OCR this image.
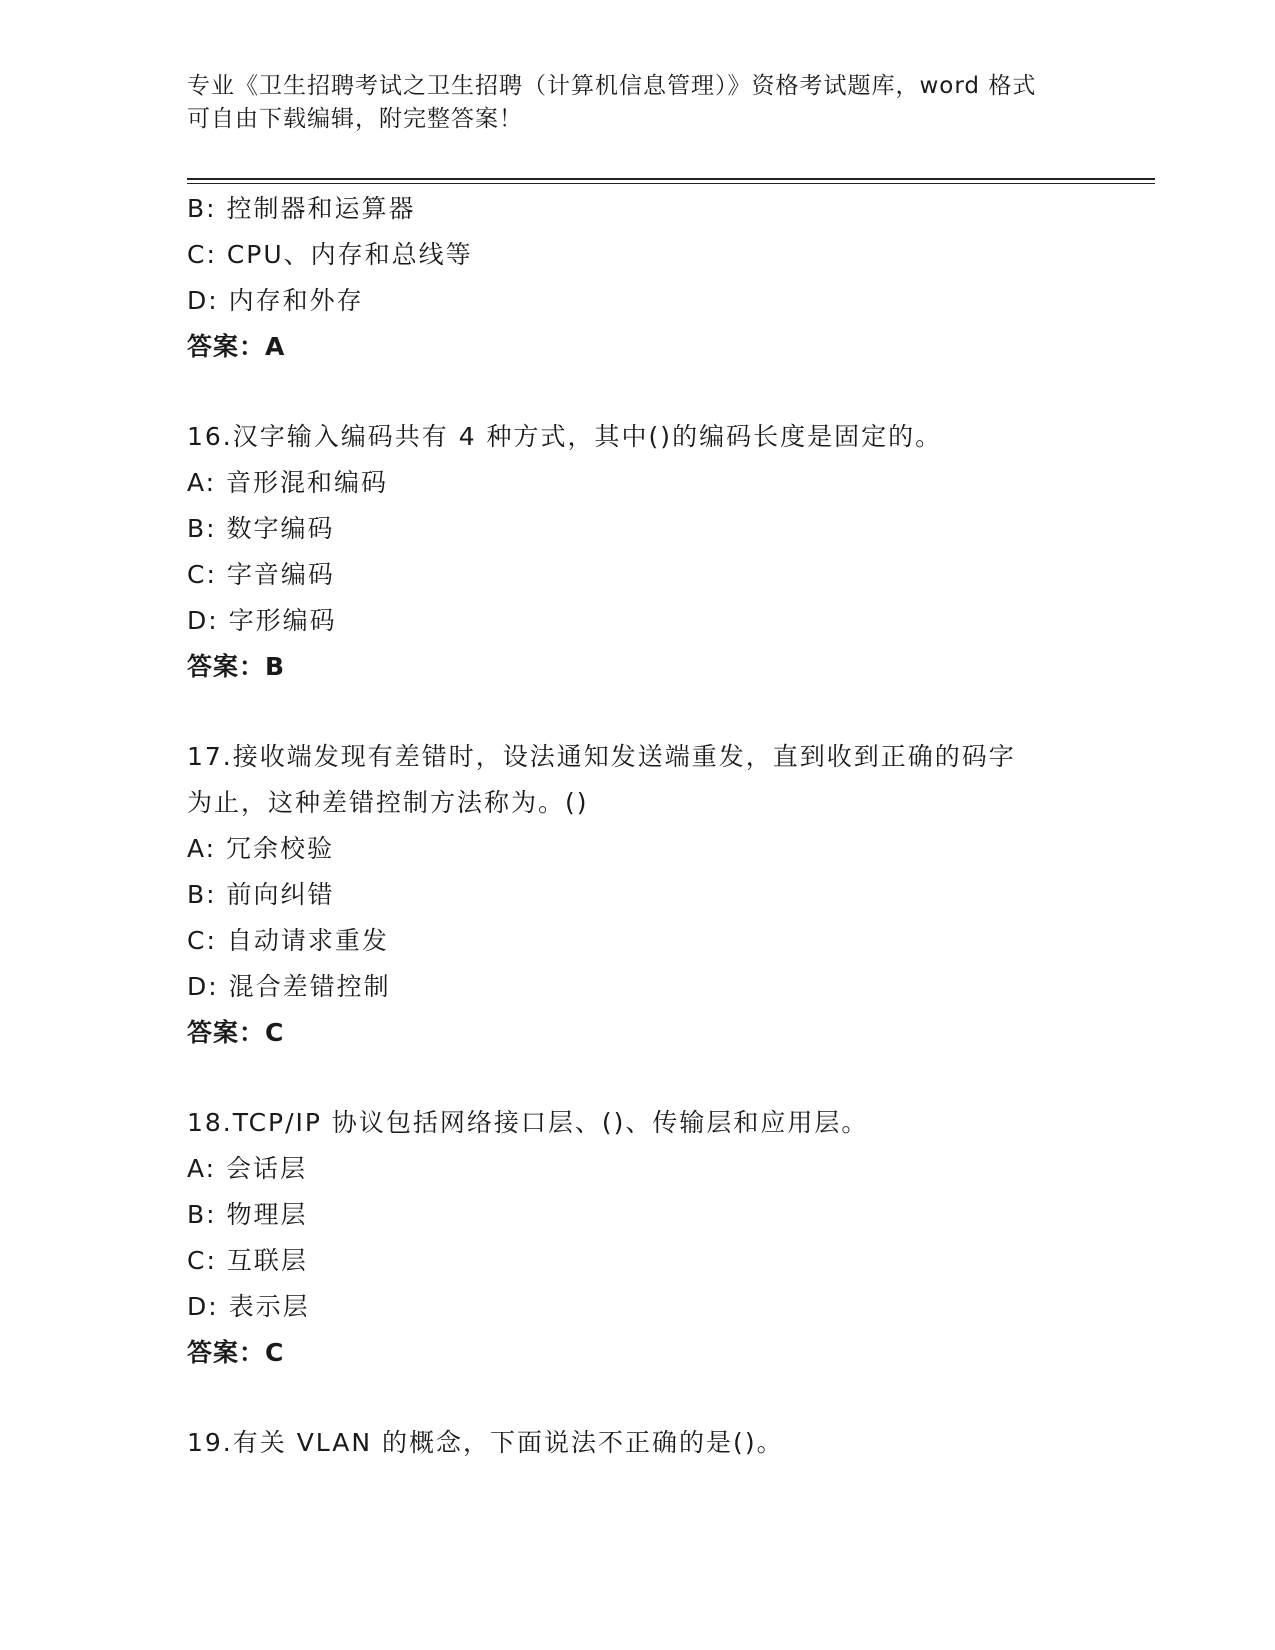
专业《卫生招聘考试之卫生招聘（计算机信息管理）》资格考试题库，word 格式
可自由下载编辑，附完整答案！
B: 控制器和运算器
C: CPU、内存和总线等
D: 内存和外存
答案：A
16.汉字输入编码共有 4 种方式，其中()的编码长度是固定的。
A: 音形混和编码
B: 数字编码
C: 字音编码
D: 字形编码
答案：B
17.接收端发现有差错时，设法通知发送端重发，直到收到正确的码字
为止，这种差错控制方法称为。()
A: 冗余校验
B: 前向纠错
C: 自动请求重发
D: 混合差错控制
答案：C
18.TCP/IP 协议包括网络接口层、()、传输层和应用层。
A: 会话层
B: 物理层
C: 互联层
D: 表示层
答案：C
19.有关 VLAN 的概念，下面说法不正确的是()。
